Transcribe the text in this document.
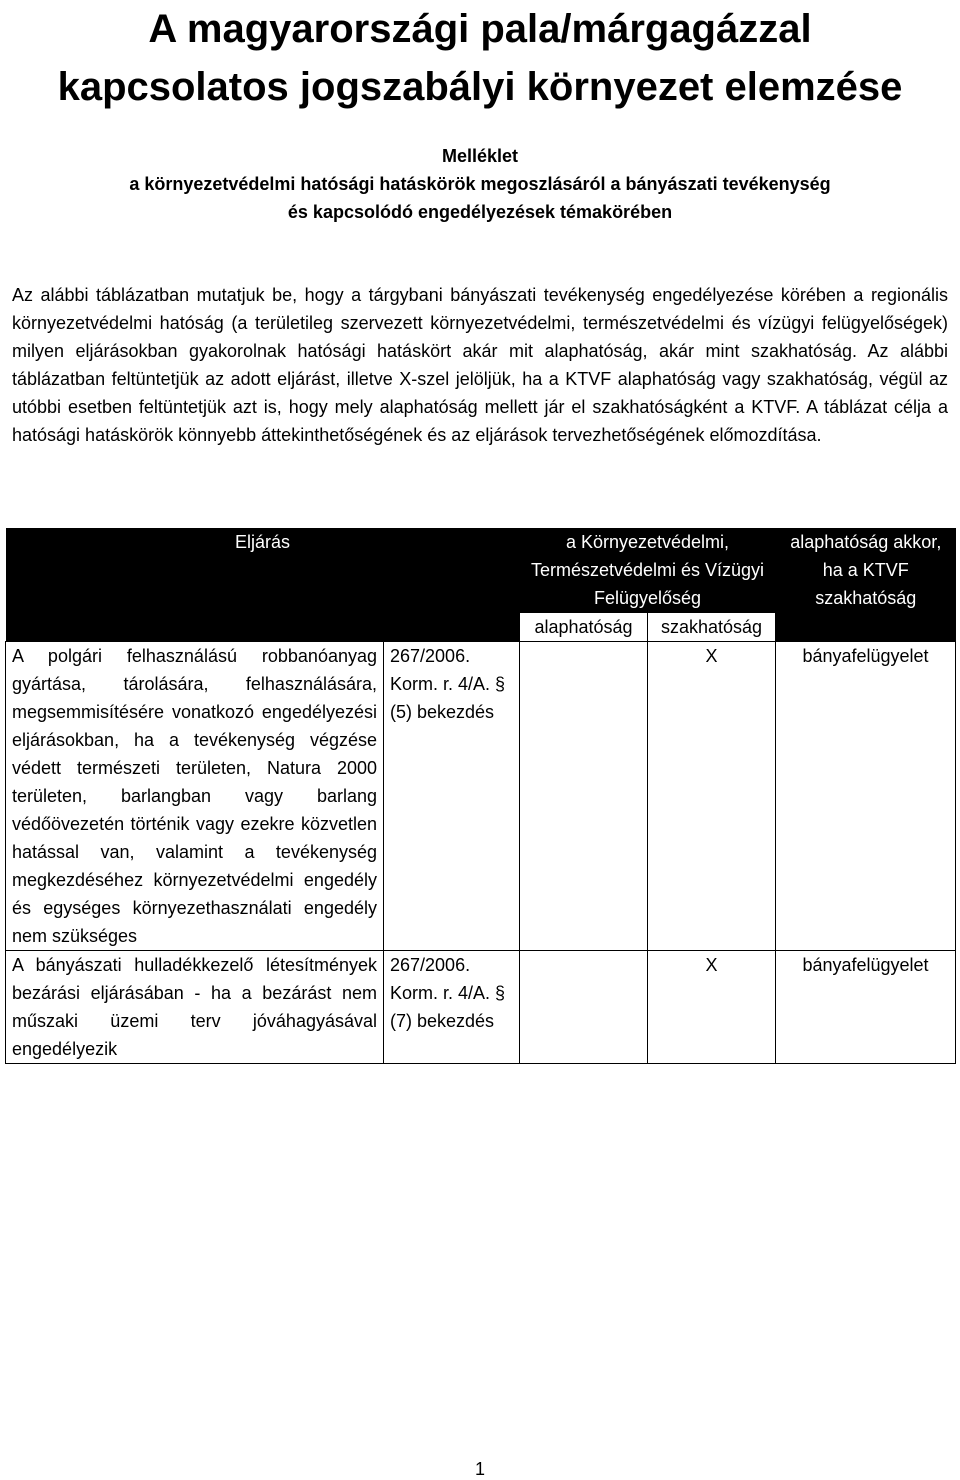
A magyarországi pala/márgagázzal
kapcsolatos jogszabályi környezet elemzése
Melléklet
a környezetvédelmi hatósági hatáskörök megoszlásáról a bányászati tevékenység
és kapcsolódó engedélyezések témakörében

Az alábbi táblázatban mutatjuk be, hogy a tárgybani bányászati tevékenység engedélyezése körében a regionális környezetvédelmi hatóság (a területileg szervezett környezetvédelmi, természetvédelmi és vízügyi felügyelőségek) milyen eljárásokban gyakorolnak hatósági hatáskört akár mit alaphatóság, akár mint szakhatóság. Az alábbi táblázatban feltüntetjük az adott eljárást, illetve X-szel jelöljük, ha a KTVF alaphatóság vagy szakhatóság, végül az utóbbi esetben feltüntetjük azt is, hogy mely alaphatóság mellett jár el szakhatóságként a KTVF. A táblázat célja a hatósági hatáskörök könnyebb áttekinthetőségének és az eljárások tervezhetőségének előmozdítása.

Eljárás		a Környezetvédelmi, Természetvédelmi és Vízügyi Felügyelőség		alaphatóság akkor, ha a KTVF szakhatóság
		alaphatóság	szakhatóság	
A polgári felhasználású robbanóanyag gyártása, tárolására, felhasználására, megsemmisítésére vonatkozó engedélyezési eljárásokban, ha a tevékenység végzése védett természeti területen, Natura 2000 területen, barlangban vagy barlang védőövezetén történik vagy ezekre közvetlen hatással van, valamint a tevékenység megkezdéséhez környezetvédelmi engedély és egységes környezethasználati engedély nem szükséges	267/2006. Korm. r. 4/A. § (5) bekezdés		X	bányafelügyelet
A bányászati hulladékkezelő létesítmények bezárási eljárásában - ha a bezárást nem műszaki üzemi terv jóváhagyásával engedélyezik	267/2006. Korm. r. 4/A. § (7) bekezdés		X	bányafelügyelet
1
